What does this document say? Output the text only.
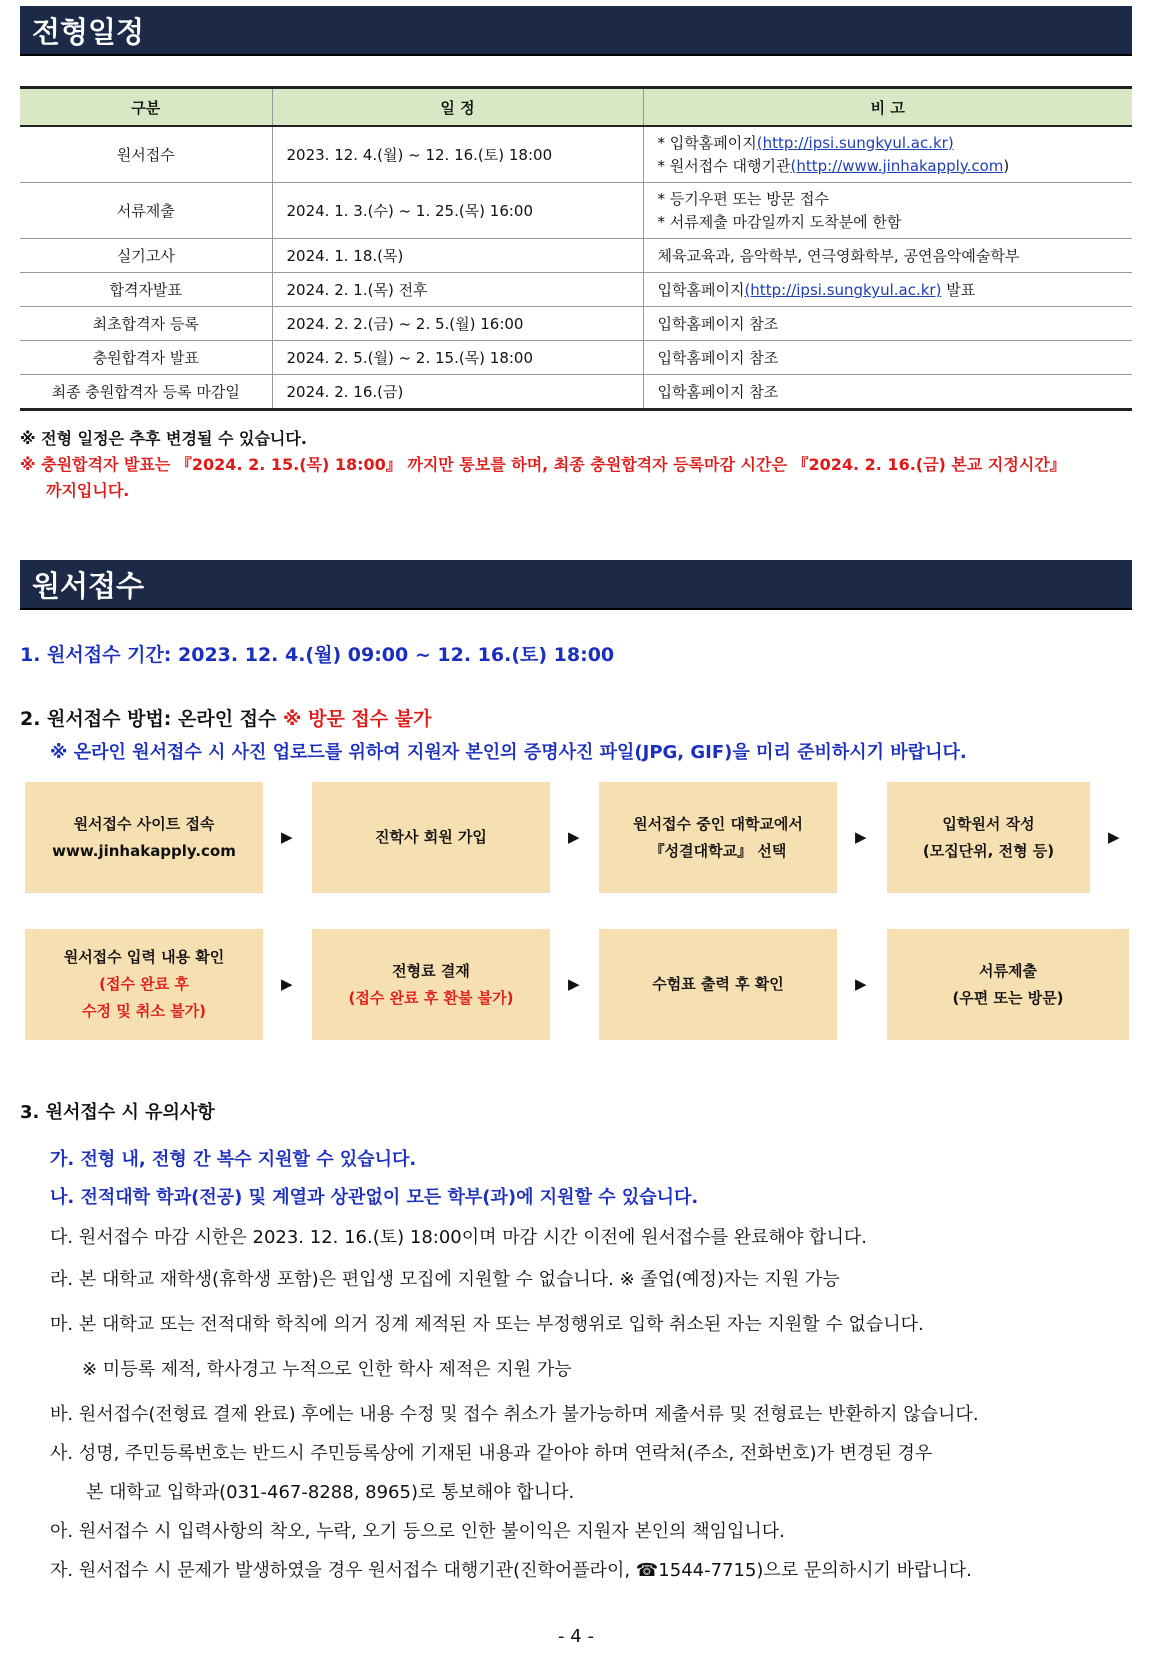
전형일정
구분	일 정	비 고
원서접수	2023. 12. 4.(월) ~ 12. 16.(토) 18:00	* 입학홈페이지(http://ipsi.sungkyul.ac.kr)
* 원서접수 대행기관(http://www.jinhakapply.com)

서류제출	2024. 1. 3.(수) ~ 1. 25.(목) 16:00	* 등기우편 또는 방문 접수
* 서류제출 마감일까지 도착분에 한함

실기고사	2024. 1. 18.(목)	체육교육과, 음악학부, 연극영화학부, 공연음악예술학부
합격자발표	2024. 2. 1.(목) 전후	입학홈페이지(http://ipsi.sungkyul.ac.kr) 발표
최초합격자 등록	2024. 2. 2.(금) ~ 2. 5.(월) 16:00	입학홈페이지 참조
충원합격자 발표	2024. 2. 5.(월) ~ 2. 15.(목) 18:00	입학홈페이지 참조
최종 충원합격자 등록 마감일	2024. 2. 16.(금)	입학홈페이지 참조
※ 전형 일정은 추후 변경될 수 있습니다.
※ 충원합격자 발표는 『2024. 2. 15.(목) 18:00』 까지만 통보를 하며, 최종 충원합격자 등록마감 시간은 『2024. 2. 16.(금) 본교 지정시간』
까지입니다.
원서접수
1. 원서접수 기간: 2023. 12. 4.(월) 09:00 ~ 12. 16.(토) 18:00
2. 원서접수 방법: 온라인 접수 ※ 방문 접수 불가
※ 온라인 원서접수 시 사진 업로드를 위하여 지원자 본인의 증명사진 파일(JPG, GIF)을 미리 준비하시기 바랍니다.
원서접수 사이트 접속
www.jinhakapply.com
▶	진학사 회원 가입	▶
원서접수 중인 대학교에서
『성결대학교』 선택
▶
입학원서 작성
(모집단위, 전형 등)
▶
원서접수 입력 내용 확인
(접수 완료 후
수정 및 취소 불가)
▶
전형료 결재
(접수 완료 후 환불 불가)
▶	수험표 출력 후 확인	▶
서류제출
(우편 또는 방문)
3. 원서접수 시 유의사항
가. 전형 내, 전형 간 복수 지원할 수 있습니다.
나. 전적대학 학과(전공) 및 계열과 상관없이 모든 학부(과)에 지원할 수 있습니다.
다. 원서접수 마감 시한은 2023. 12. 16.(토) 18:00이며 마감 시간 이전에 원서접수를 완료해야 합니다.
라. 본 대학교 재학생(휴학생 포함)은 편입생 모집에 지원할 수 없습니다. ※ 졸업(예정)자는 지원 가능
마. 본 대학교 또는 전적대학 학칙에 의거 징계 제적된 자 또는 부정행위로 입학 취소된 자는 지원할 수 없습니다.
※ 미등록 제적, 학사경고 누적으로 인한 학사 제적은 지원 가능
바. 원서접수(전형료 결제 완료) 후에는 내용 수정 및 접수 취소가 불가능하며 제출서류 및 전형료는 반환하지 않습니다.
사. 성명, 주민등록번호는 반드시 주민등록상에 기재된 내용과 같아야 하며 연락처(주소, 전화번호)가 변경된 경우
본 대학교 입학과(031-467-8288, 8965)로 통보해야 합니다.
아. 원서접수 시 입력사항의 착오, 누락, 오기 등으로 인한 불이익은 지원자 본인의 책임입니다.
자. 원서접수 시 문제가 발생하였을 경우 원서접수 대행기관(진학어플라이, ☎1544-7715)으로 문의하시기 바랍니다.
- 4 -
